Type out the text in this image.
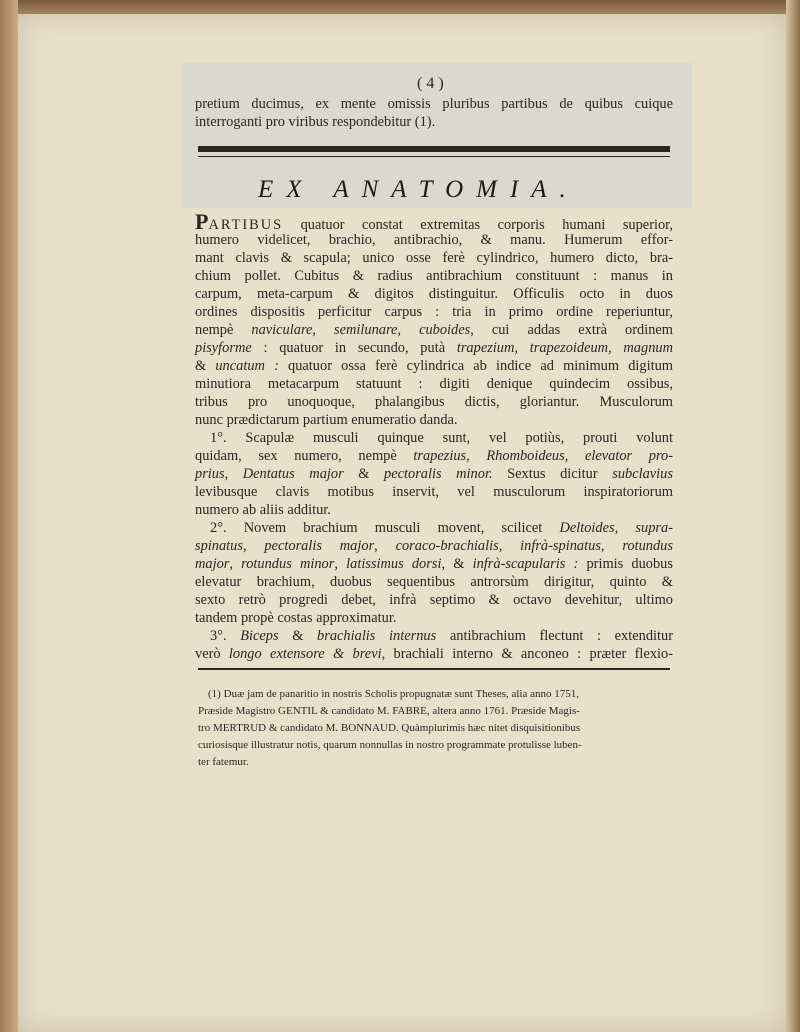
( 4 )
pretium ducimus, ex mente omissis pluribus partibus de quibus cuique
interroganti pro viribus respondebitur (1).
EX ANATOMIA.
PARTIBUS quatuor constat extremitas corporis humani superior,
humero videlicet, brachio, antibrachio, & manu. Humerum effor-
mant clavis & scapula; unico osse ferè cylindrico, humero dicto, bra-
chium pollet. Cubitus & radius antibrachium constituunt : manus in
carpum, meta-carpum & digitos distinguitur. Officulis octo in duos
ordines dispositis perficitur carpus : tria in primo ordine reperiuntur,
nempè naviculare, semilunare, cuboides, cui addas extrà ordinem
pisyforme : quatuor in secundo, putà trapezium, trapezoideum, magnum
& uncatum : quatuor ossa ferè cylindrica ab indice ad minimum digitum
minutiora metacarpum statuunt : digiti denique quindecim ossibus,
tribus pro unoquoque, phalangibus dictis, gloriantur. Musculorum
nunc prædictarum partium enumeratio danda.
1°. Scapulæ musculi quinque sunt, vel potiùs, prouti volunt
quidam, sex numero, nempè trapezius, Rhomboideus, elevator pro-
prius, Dentatus major & pectoralis minor. Sextus dicitur subclavius
levibusque clavis motibus inservit, vel musculorum inspiratoriorum
numero ab aliis additur.
2°. Novem brachium musculi movent, scilicet Deltoides, supra-
spinatus, pectoralis major, coraco-brachialis, infrà-spinatus, rotundus
major, rotundus minor, latissimus dorsi, & infrà-scapularis : primis duobus
elevatur brachium, duobus sequentibus antrorsùm dirigitur, quinto &
sexto retrò progredi debet, infrà septimo & octavo devehitur, ultimo
tandem propè costas approximatur.
3°. Biceps & brachialis internus antibrachium flectunt : extenditur
verò longo extensore & brevi, brachiali interno & anconeo : præter flexio-
(1) Duæ jam de panaritio in nostris Scholis propugnatæ sunt Theses, alia anno 1751,
Præside Magistro GENTIL & candidato M. FABRE, altera anno 1761. Præside Magis-
tro MERTRUD & candidato M. BONNAUD. Quàmplurimis hæc nitet disquisitionibus
curiosisque illustratur notis, quarum nonnullas in nostro programmate protulisse luben-
ter fatemur.
